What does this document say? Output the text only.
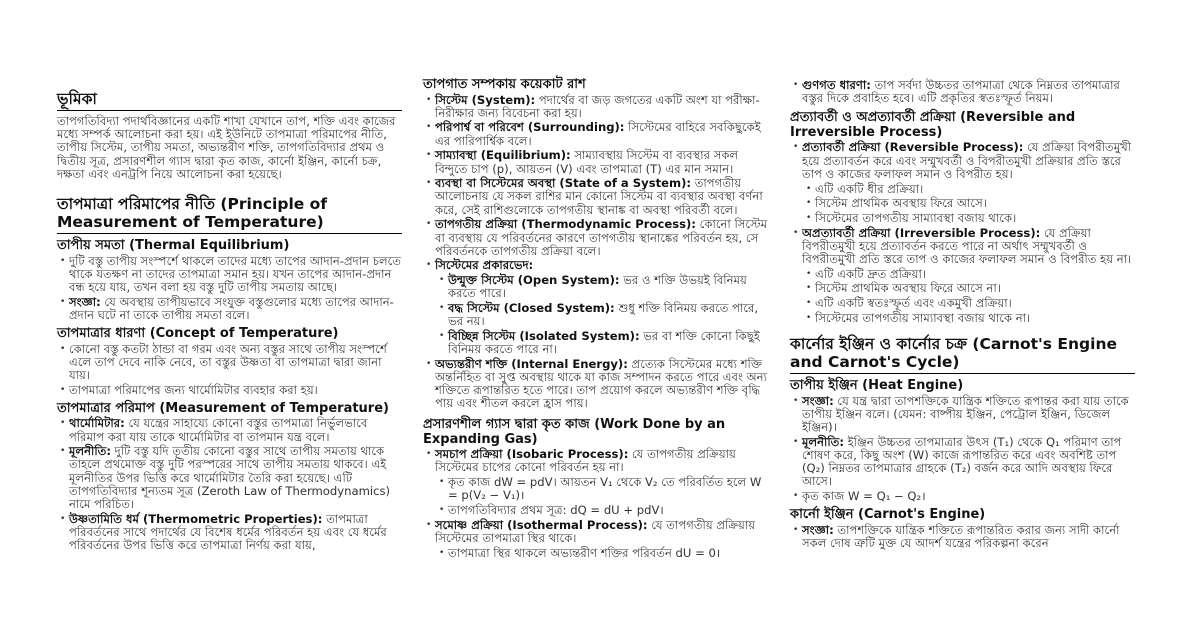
ভূমিকা

তাপগতিবিদ্যা পদার্থবিজ্ঞানের একটি শাখা যেখানে তাপ, শক্তি এবং কাজের মধ্যে সম্পর্ক আলোচনা করা হয়। এই ইউনিটে তাপমাত্রা পরিমাপের নীতি, তাপীয় সিস্টেম, তাপীয় সমতা, অভ্যন্তরীণ শক্তি, তাপগতিবিদ্যার প্রথম ও দ্বিতীয় সূত্র, প্রসারণশীল গ্যাস দ্বারা কৃত কাজ, কার্নো ইঞ্জিন, কার্নো চক্র, দক্ষতা এবং এনট্রপি নিয়ে আলোচনা করা হয়েছে।

তাপমাত্রা পরিমাপের নীতি (Principle of Measurement of Temperature)
তাপীয় সমতা (Thermal Equilibrium)
• দুটি বস্তু তাপীয় সংস্পর্শে থাকলে তাদের মধ্যে তাপের আদান-প্রদান চলতে থাকে যতক্ষণ না তাদের তাপমাত্রা সমান হয়। যখন তাপের আদান-প্রদান বন্ধ হয়ে যায়, তখন বলা হয় বস্তু দুটি তাপীয় সমতায় আছে।
• সংজ্ঞা: যে অবস্থায় তাপীয়ভাবে সংযুক্ত বস্তুগুলোর মধ্যে তাপের আদান-প্রদান ঘটে না তাকে তাপীয় সমতা বলে।
তাপমাত্রার ধারণা (Concept of Temperature)
• কোনো বস্তু কতটা ঠান্ডা বা গরম এবং অন্য বস্তুর সাথে তাপীয় সংস্পর্শে এলে তাপ দেবে নাকি নেবে, তা বস্তুর উষ্ণতা বা তাপমাত্রা দ্বারা জানা যায়।
• তাপমাত্রা পরিমাপের জন্য থার্মোমিটার ব্যবহার করা হয়।
তাপমাত্রার পরিমাপ (Measurement of Temperature)
• থার্মোমিটার: যে যন্ত্রের সাহায্যে কোনো বস্তুর তাপমাত্রা নির্ভুলভাবে পরিমাপ করা যায় তাকে থার্মোমিটার বা তাপমান যন্ত্র বলে।
• মূলনীতি: দুটি বস্তু যদি তৃতীয় কোনো বস্তুর সাথে তাপীয় সমতায় থাকে তাহলে প্রথমোক্ত বস্তু দুটি পরস্পরের সাথে তাপীয় সমতায় থাকবে। এই মূলনীতির উপর ভিত্তি করে থার্মোমিটার তৈরি করা হয়েছে। এটি তাপগতিবিদ্যার শূন্যতম সূত্র (Zeroth Law of Thermodynamics) নামে পরিচিত।
• উষ্ণতামিতি ধর্ম (Thermometric Properties): তাপমাত্রা পরিবর্তনের সাথে পদার্থের যে বিশেষ ধর্মের পরিবর্তন হয় এবং যে ধর্মের পরিবর্তনের উপর ভিত্তি করে তাপমাত্রা নির্ণয় করা যায়,
তাপগাত সম্পকায় কয়েকাট রাশ
• সিস্টেম (System): পদার্থের বা জড় জগতের একটি অংশ যা পরীক্ষা-নিরীক্ষার জন্য বিবেচনা করা হয়।
• পরিপার্শ্ব বা পরিবেশ (Surrounding): সিস্টেমের বাহিরে সবকিছুকেই এর পারিপার্শ্বিক বলে।
• সাম্যাবস্থা (Equilibrium): সাম্যাবস্থায় সিস্টেম বা ব্যবস্থার সকল বিন্দুতে চাপ (p), আয়তন (V) এবং তাপমাত্রা (T) এর মান সমান।
• ব্যবস্থা বা সিস্টেমের অবস্থা (State of a System): তাপগতীয় আলোচনায় যে সকল রাশির মান কোনো সিস্টেম বা ব্যবস্থার অবস্থা বর্ণনা করে, সেই রাশিগুলোকে তাপগতীয় স্থানাঙ্ক বা অবস্থা পরিবর্তী বলে।
• তাপগতীয় প্রক্রিয়া (Thermodynamic Process): কোনো সিস্টেম বা ব্যবস্থায় যে পরিবর্তনের কারণে তাপগতীয় স্থানাঙ্কের পরিবর্তন হয়, সে পরিবর্তনকে তাপগতীয় প্রক্রিয়া বলে।
• সিস্টেমের প্রকারভেদ:
• উন্মুক্ত সিস্টেম (Open System): ভর ও শক্তি উভয়ই বিনিময় করতে পারে।
• বদ্ধ সিস্টেম (Closed System): শুধু শক্তি বিনিময় করতে পারে, ভর নয়।
• বিচ্ছিন্ন সিস্টেম (Isolated System): ভর বা শক্তি কোনো কিছুই বিনিময় করতে পারে না।
• অভ্যন্তরীণ শক্তি (Internal Energy): প্রত্যেক সিস্টেমের মধ্যে শক্তি অন্তর্নিহিত বা সুপ্ত অবস্থায় থাকে যা কাজ সম্পাদন করতে পারে এবং অন্য শক্তিতে রূপান্তরিত হতে পারে। তাপ প্রয়োগ করলে অভ্যন্তরীণ শক্তি বৃদ্ধি পায় এবং শীতল করলে হ্রাস পায়।
প্রসারণশীল গ্যাস দ্বারা কৃত কাজ (Work Done by an Expanding Gas)
• সমচাপ প্রক্রিয়া (Isobaric Process): যে তাপগতীয় প্রক্রিয়ায় সিস্টেমের চাপের কোনো পরিবর্তন হয় না।
• কৃত কাজ dW = pdV। আয়তন V₁ থেকে V₂ তে পরিবর্তিত হলে W = p(V₂ − V₁)।
• তাপগতিবিদ্যার প্রথম সূত্র: dQ = dU + pdV।
• সমোষ্ণ প্রক্রিয়া (Isothermal Process): যে তাপগতীয় প্রক্রিয়ায় সিস্টেমের তাপমাত্রা স্থির থাকে।
• তাপমাত্রা স্থির থাকলে অভ্যন্তরীণ শক্তির পরিবর্তন dU = 0।
• গুণগত ধারণা: তাপ সর্বদা উচ্চতর তাপমাত্রা থেকে নিম্নতর তাপমাত্রার বস্তুর দিকে প্রবাহিত হবে। এটি প্রকৃতির স্বতঃস্ফূর্ত নিয়ম।
প্রত্যাবর্তী ও অপ্রত্যাবর্তী প্রক্রিয়া (Reversible and Irreversible Process)
• প্রত্যাবর্তী প্রক্রিয়া (Reversible Process): যে প্রক্রিয়া বিপরীতমুখী হয়ে প্রত্যাবর্তন করে এবং সম্মুখবর্তী ও বিপরীতমুখী প্রক্রিয়ার প্রতি স্তরে তাপ ও কাজের ফলাফল সমান ও বিপরীত হয়।
• এটি একটি ধীর প্রক্রিয়া।
• সিস্টেম প্রাথমিক অবস্থায় ফিরে আসে।
• সিস্টেমের তাপগতীয় সাম্যাবস্থা বজায় থাকে।
• অপ্রত্যাবর্তী প্রক্রিয়া (Irreversible Process): যে প্রক্রিয়া বিপরীতমুখী হয়ে প্রত্যাবর্তন করতে পারে না অর্থাৎ সম্মুখবর্তী ও বিপরীতমুখী প্রতি স্তরে তাপ ও কাজের ফলাফল সমান ও বিপরীত হয় না।
• এটি একটি দ্রুত প্রক্রিয়া।
• সিস্টেম প্রাথমিক অবস্থায় ফিরে আসে না।
• এটি একটি স্বতঃস্ফূর্ত এবং একমুখী প্রক্রিয়া।
• সিস্টেমের তাপগতীয় সাম্যাবস্থা বজায় থাকে না।
কার্নোর ইঞ্জিন ও কার্নোর চক্র (Carnot's Engine and Carnot's Cycle)
তাপীয় ইঞ্জিন (Heat Engine)
• সংজ্ঞা: যে যন্ত্র দ্বারা তাপশক্তিকে যান্ত্রিক শক্তিতে রূপান্তর করা যায় তাকে তাপীয় ইঞ্জিন বলে। (যেমন: বাষ্পীয় ইঞ্জিন, পেট্রোল ইঞ্জিন, ডিজেল ইঞ্জিন)।
• মূলনীতি: ইঞ্জিন উচ্চতর তাপমাত্রার উৎস (T₁) থেকে Q₁ পরিমাণ তাপ শোষণ করে, কিছু অংশ (W) কাজে রূপান্তরিত করে এবং অবশিষ্ট তাপ (Q₂) নিম্নতর তাপমাত্রার গ্রাহকে (T₂) বর্জন করে আদি অবস্থায় ফিরে আসে।
• কৃত কাজ W = Q₁ − Q₂।
কার্নো ইঞ্জিন (Carnot's Engine)
• সংজ্ঞা: তাপশক্তিকে যান্ত্রিক শক্তিতে রূপান্তরিত করার জন্য সাদী কার্নো সকল দোষ ত্রুটি মুক্ত যে আদর্শ যন্ত্রের পরিকল্পনা করেন
